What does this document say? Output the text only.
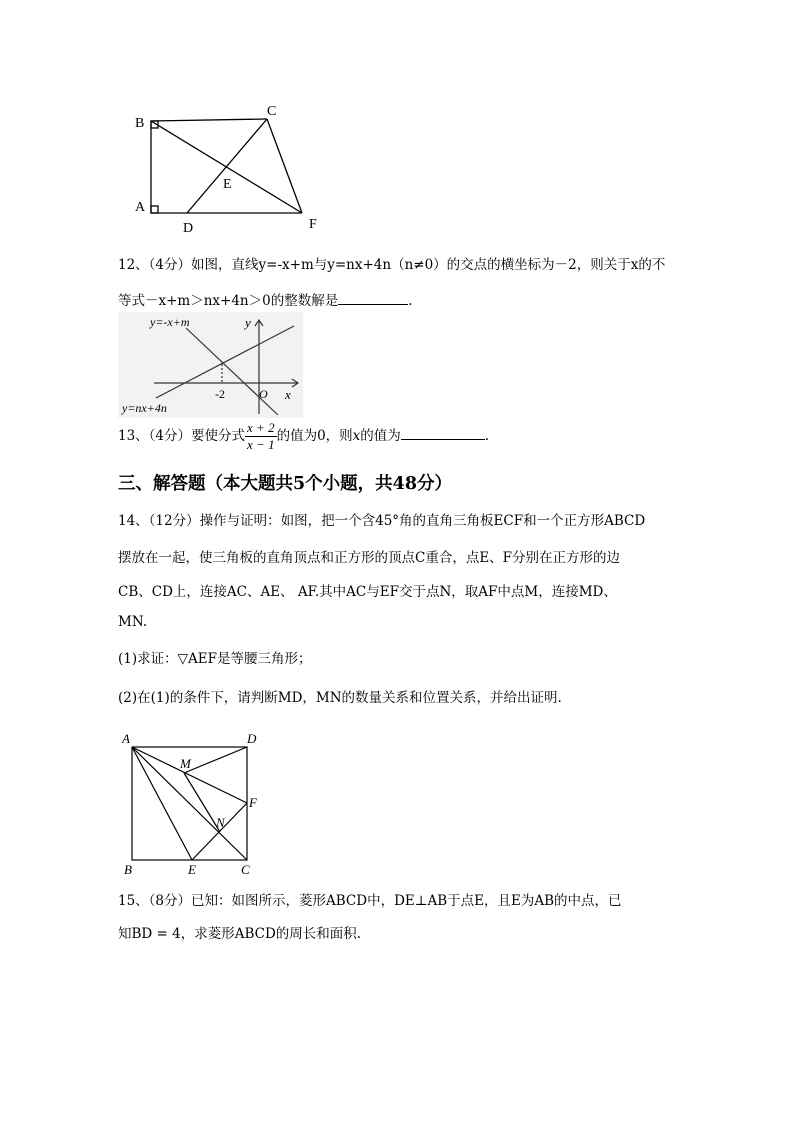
B
C
A
D
E
F
12、（4分）如图，直线y=-x+m与y=nx+4n（n≠0）的交点的横坐标为－2，则关于x的不
等式－x+m＞nx+4n＞0的整数解是	.
y=-x+m
y=nx+4n
-2	O x
y
13、（4分）要使分式 $\frac{x + 2}{x - 1}$ 的值为0，则x的值为	.
三、解答题（本大题共5个小题，共48分）
14、（12分）操作与证明：如图，把一个含45°角的直角三角板ECF和一个正方形ABCD
摆放在一起，使三角板的直角顶点和正方形的顶点C重合，点E、F分别在正方形的边
CB、CD上，连接AC、AE、 AF.其中AC与EF交于点N，取AF中点M，连接MD、
MN.
(1)求证：▽AEF是等腰三角形；
(2)在(1)的条件下，请判断MD，MN的数量关系和位置关系，并给出证明.
A	D
M
F
N
B	E	C
15、（8分）已知：如图所示，菱形ABCD中，DE⊥AB于点E，且E为AB的中点，已
知BD = 4，求菱形ABCD的周长和面积.
